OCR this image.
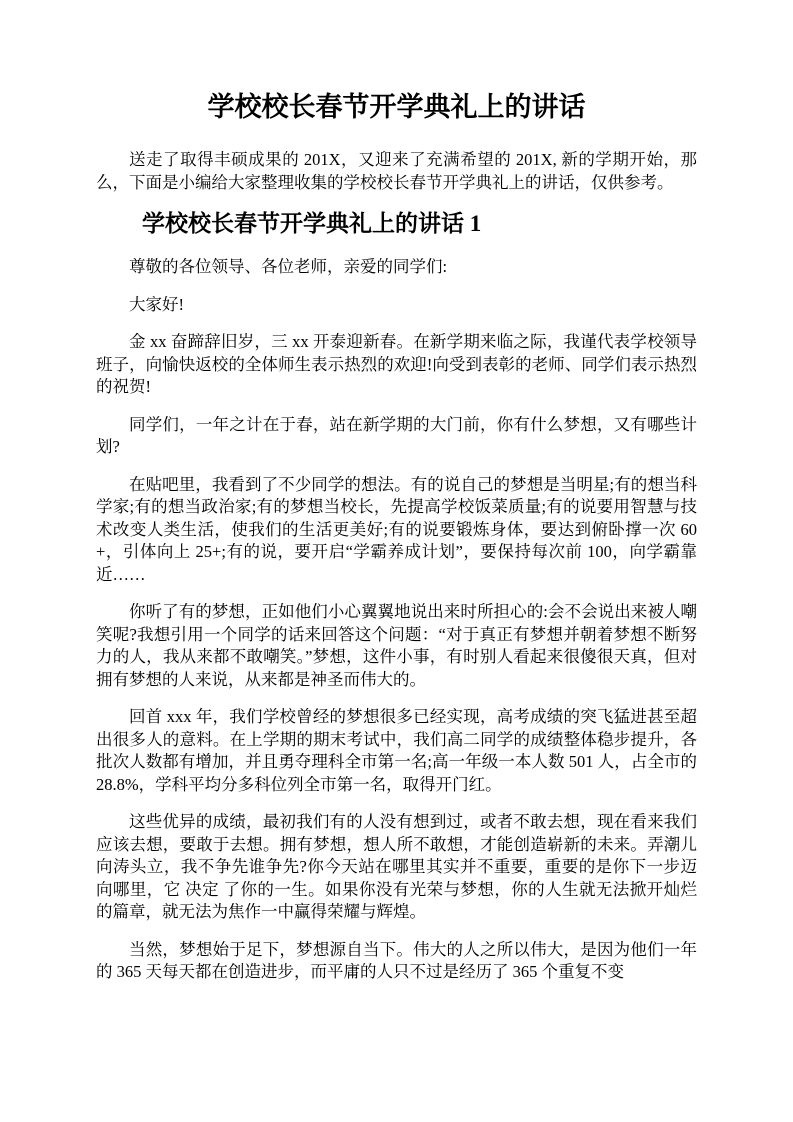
学校校长春节开学典礼上的讲话

送走了取得丰硕成果的 201X，又迎来了充满希望的 201X, 新的学期开始，那么，下面是小编给大家整理收集的学校校长春节开学典礼上的讲话，仅供参考。

学校校长春节开学典礼上的讲话 1

尊敬的各位领导、各位老师，亲爱的同学们:

大家好!

金 xx 奋蹄辞旧岁，三 xx 开泰迎新春。在新学期来临之际，我谨代表学校领导班子，向愉快返校的全体师生表示热烈的欢迎!向受到表彰的老师、同学们表示热烈的祝贺!

同学们，一年之计在于春，站在新学期的大门前，你有什么梦想，又有哪些计划?

在贴吧里，我看到了不少同学的想法。有的说自己的梦想是当明星;有的想当科学家;有的想当政治家;有的梦想当校长，先提高学校饭菜质量;有的说要用智慧与技术改变人类生活，使我们的生活更美好;有的说要锻炼身体，要达到俯卧撑一次 60+，引体向上 25+;有的说，要开启“学霸养成计划”，要保持每次前 100，向学霸靠近……

你听了有的梦想，正如他们小心翼翼地说出来时所担心的:会不会说出来被人嘲笑呢?我想引用一个同学的话来回答这个问题：“对于真正有梦想并朝着梦想不断努力的人，我从来都不敢嘲笑。”梦想，这件小事，有时别人看起来很傻很天真，但对拥有梦想的人来说，从来都是神圣而伟大的。

回首 xxx 年，我们学校曾经的梦想很多已经实现，高考成绩的突飞猛进甚至超出很多人的意料。在上学期的期末考试中，我们高二同学的成绩整体稳步提升，各批次人数都有增加，并且勇夺理科全市第一名;高一年级一本人数 501 人，占全市的 28.8%，学科平均分多科位列全市第一名，取得开门红。

这些优异的成绩，最初我们有的人没有想到过，或者不敢去想，现在看来我们应该去想，要敢于去想。拥有梦想，想人所不敢想，才能创造崭新的未来。弄潮儿向涛头立，我不争先谁争先?你今天站在哪里其实并不重要，重要的是你下一步迈向哪里，它 决定 了你的一生。如果你没有光荣与梦想，你的人生就无法掀开灿烂的篇章，就无法为焦作一中赢得荣耀与辉煌。

当然，梦想始于足下，梦想源自当下。伟大的人之所以伟大，是因为他们一年的 365 天每天都在创造进步，而平庸的人只不过是经历了 365 个重复不变
